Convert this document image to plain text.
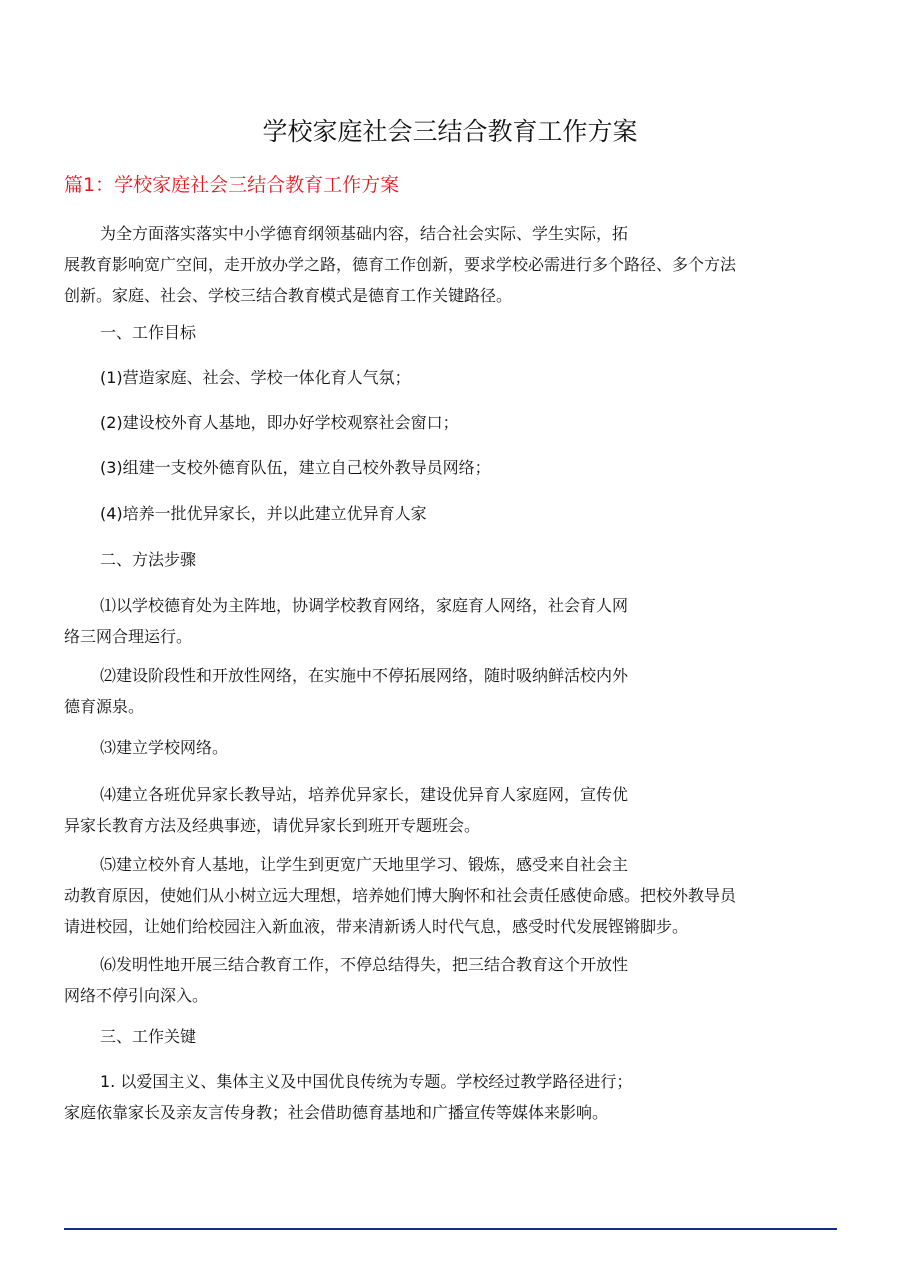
学校家庭社会三结合教育工作方案
篇1：学校家庭社会三结合教育工作方案
为全方面落实落实中小学德育纲领基础内容，结合社会实际、学生实际，拓
展教育影响宽广空间，走开放办学之路，德育工作创新，要求学校必需进行多个路径、多个方法
创新。家庭、社会、学校三结合教育模式是德育工作关键路径。
一、工作目标
(1)营造家庭、社会、学校一体化育人气氛；
(2)建设校外育人基地，即办好学校观察社会窗口；
(3)组建一支校外德育队伍，建立自己校外教导员网络；
(4)培养一批优异家长，并以此建立优异育人家
二、方法步骤
⑴以学校德育处为主阵地，协调学校教育网络，家庭育人网络，社会育人网
络三网合理运行。
⑵建设阶段性和开放性网络，在实施中不停拓展网络，随时吸纳鲜活校内外
德育源泉。
⑶建立学校网络。
⑷建立各班优异家长教导站，培养优异家长，建设优异育人家庭网，宣传优
异家长教育方法及经典事迹，请优异家长到班开专题班会。
⑸建立校外育人基地，让学生到更宽广天地里学习、锻炼，感受来自社会主
动教育原因，使她们从小树立远大理想，培养她们博大胸怀和社会责任感使命感。把校外教导员
请进校园，让她们给校园注入新血液，带来清新诱人时代气息，感受时代发展铿锵脚步。
⑹发明性地开展三结合教育工作，不停总结得失，把三结合教育这个开放性
网络不停引向深入。
三、工作关键
1. 以爱国主义、集体主义及中国优良传统为专题。学校经过教学路径进行；
家庭依靠家长及亲友言传身教；社会借助德育基地和广播宣传等媒体来影响。
